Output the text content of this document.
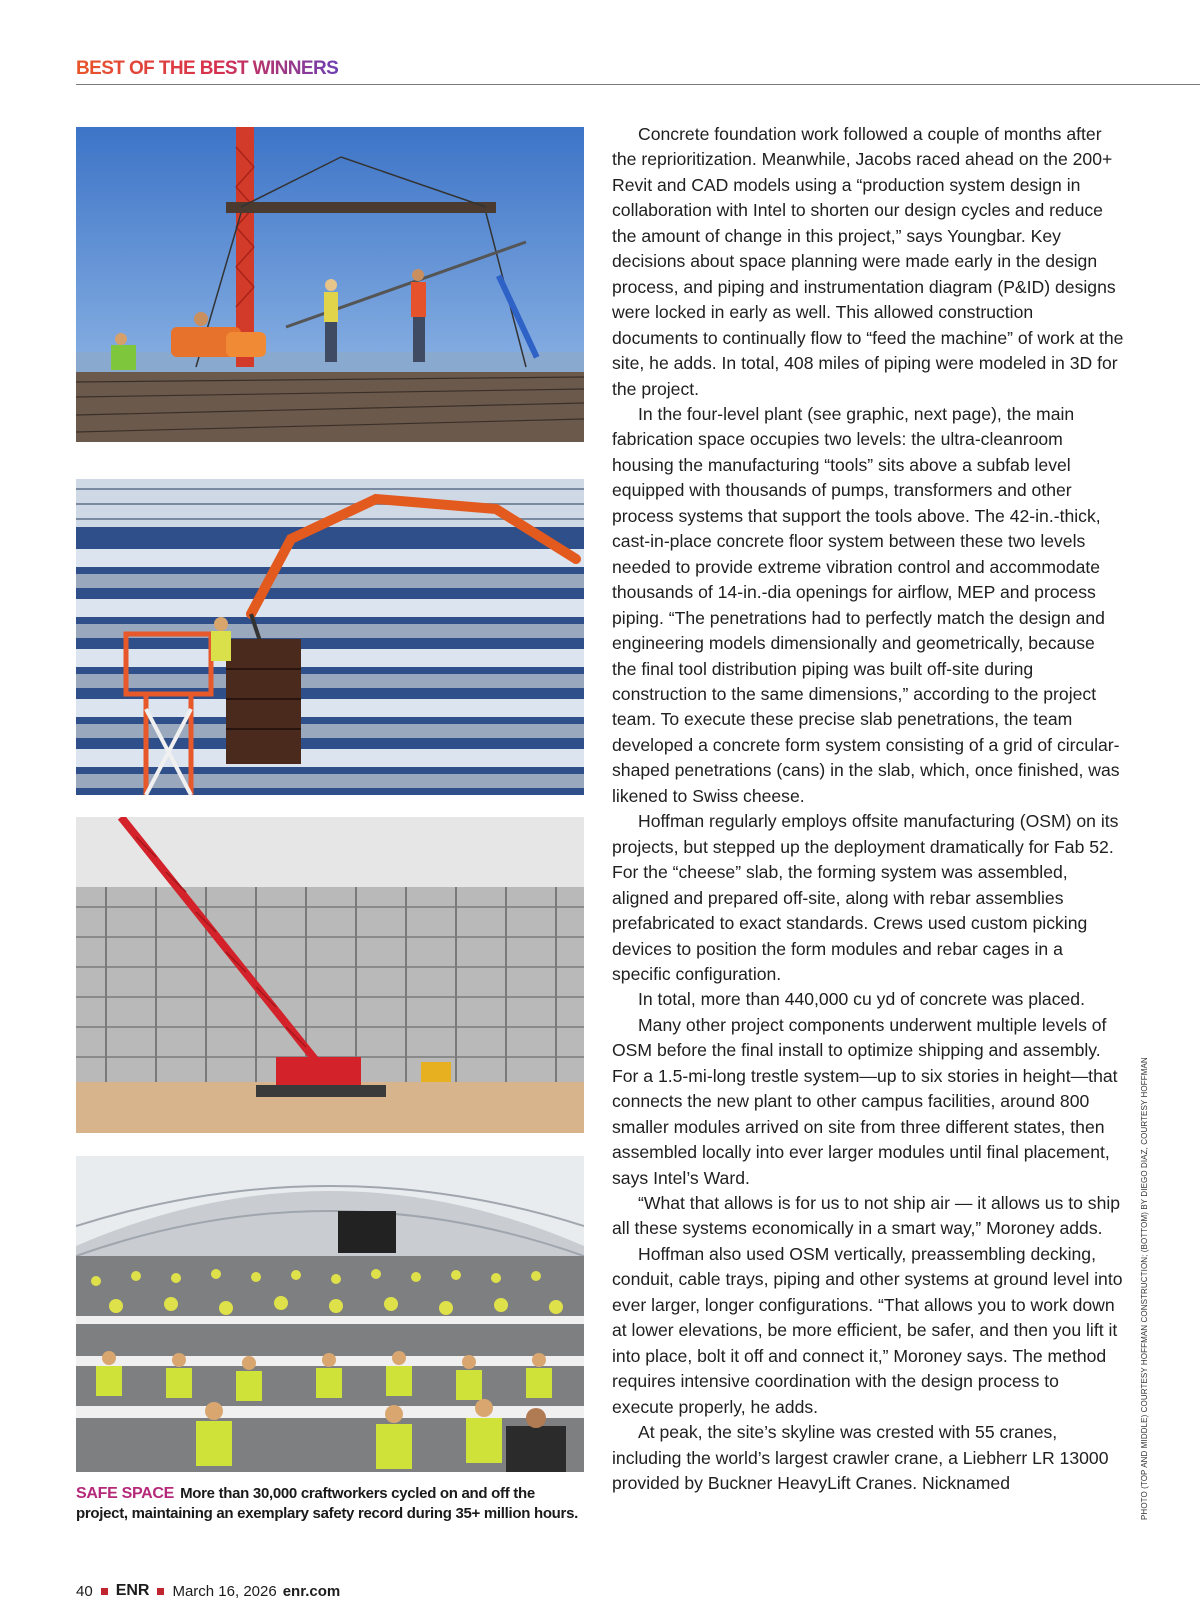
BEST OF THE BEST WINNERS
SAFE SPACE More than 30,000 craftworkers cycled on and off the project, maintaining an exemplary safety record during 35+ million hours.

Concrete foundation work followed a couple of months after the reprioritization. Meanwhile, Jacobs raced ahead on the 200+ Revit and CAD models using a “production system design in collaboration with Intel to shorten our design cycles and reduce the amount of change in this project,” says Youngbar. Key decisions about space planning were made early in the design process, and piping and instrumentation diagram (P&ID) designs were locked in early as well. This allowed construction documents to continually flow to “feed the machine” of work at the site, he adds. In total, 408 miles of piping were modeled in 3D for the project.

In the four-level plant (see graphic, next page), the main fabrication space occupies two levels: the ultra-cleanroom housing the manufacturing “tools” sits above a subfab level equipped with thousands of pumps, transformers and other process systems that support the tools above. The 42-in.-thick, cast-in-place concrete floor system between these two levels needed to provide extreme vibration control and accommodate thousands of 14-in.-dia openings for airflow, MEP and process piping. “The penetrations had to perfectly match the design and engineering models dimensionally and geometrically, because the final tool distribution piping was built off-site during construction to the same dimensions,” according to the project team. To execute these precise slab penetrations, the team developed a concrete form system consisting of a grid of circular-shaped penetrations (cans) in the slab, which, once finished, was likened to Swiss cheese.

Hoffman regularly employs offsite manufacturing (OSM) on its projects, but stepped up the deployment dramatically for Fab 52. For the “cheese” slab, the forming system was assembled, aligned and prepared off-site, along with rebar assemblies prefabricated to exact standards. Crews used custom picking devices to position the form modules and rebar cages in a specific configuration.

In total, more than 440,000 cu yd of concrete was placed.

Many other project components underwent multiple levels of OSM before the final install to optimize shipping and assembly. For a 1.5-mi-long trestle system—up to six stories in height—that connects the new plant to other campus facilities, around 800 smaller modules arrived on site from three different states, then assembled locally into ever larger modules until final placement, says Intel’s Ward.

“What that allows is for us to not ship air — it allows us to ship all these systems economically in a smart way,” Moroney adds.

Hoffman also used OSM vertically, preassembling decking, conduit, cable trays, piping and other systems at ground level into ever larger, longer configurations. “That allows you to work down at lower elevations, be more efficient, be safer, and then you lift it into place, bolt it off and connect it,” Moroney says. The method requires intensive coordination with the design process to execute properly, he adds.

At peak, the site’s skyline was crested with 55 cranes, including the world’s largest crawler crane, a Liebherr LR 13000 provided by Buckner HeavyLift Cranes. Nicknamed	PHOTO (TOP AND MIDDLE) COURTESY HOFFMAN CONSTRUCTION; (BOTTOM) BY DIEGO DIAZ, COURTESY HOFFMAN
40 ENR March 16, 2026 enr.com
